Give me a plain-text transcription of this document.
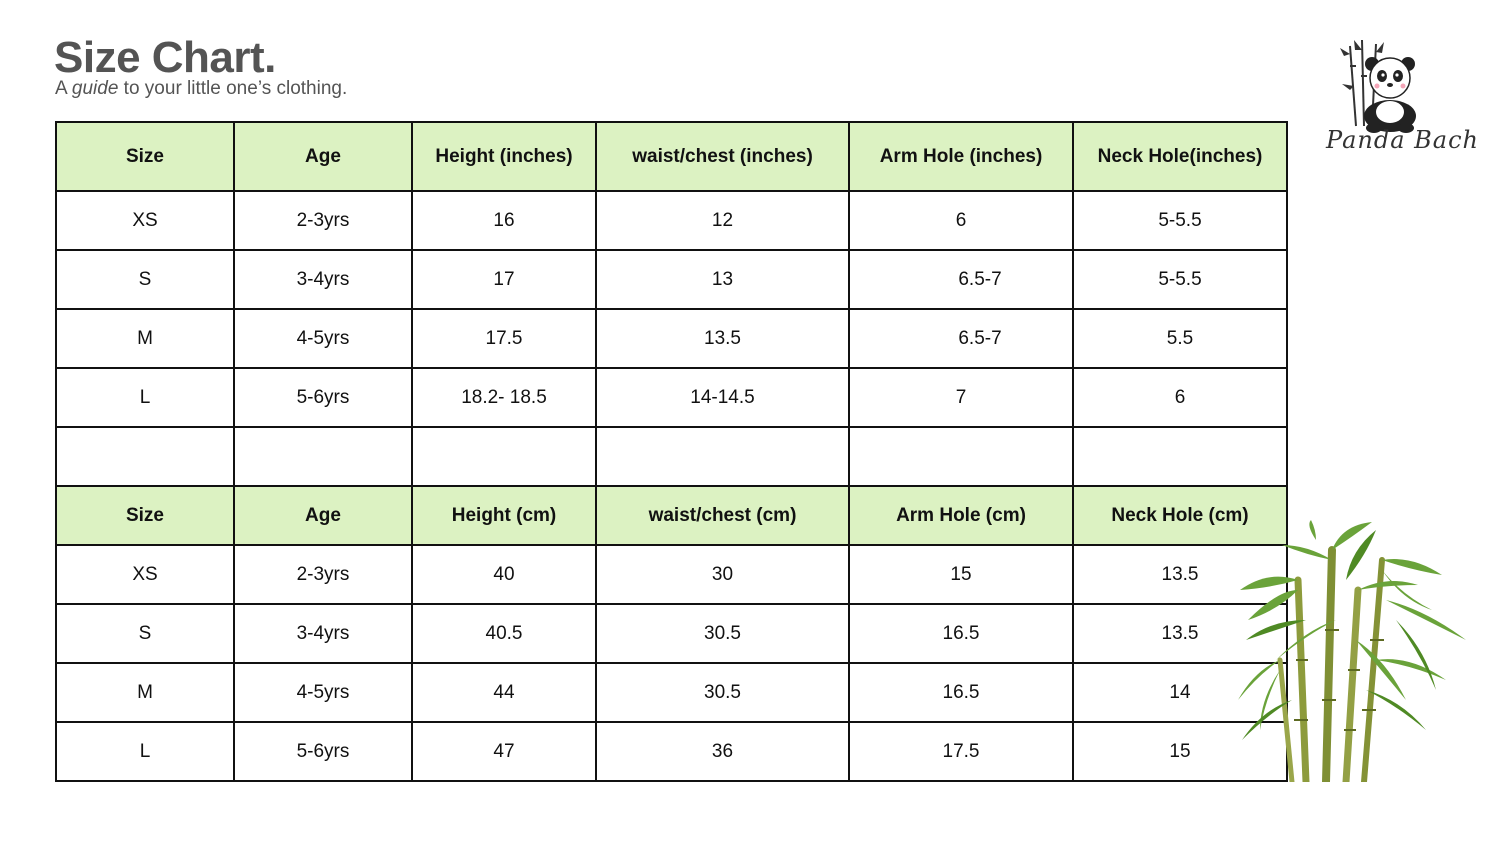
Size Chart.

A guide to your little one’s clothing.

Panda Bach
Size	Age	Height (inches)	waist/chest (inches)	Arm Hole (inches)	Neck Hole(inches)
XS	2-3yrs	16	12	6	5-5.5
S	3-4yrs	17	13	6.5-7	5-5.5
M	4-5yrs	17.5	13.5	6.5-7	5.5
L	5-6yrs	18.2- 18.5	14-14.5	7	6

Size	Age	Height (cm)	waist/chest (cm)	Arm Hole (cm)	Neck Hole (cm)
XS	2-3yrs	40	30	15	13.5
S	3-4yrs	40.5	30.5	16.5	13.5
M	4-5yrs	44	30.5	16.5	14
L	5-6yrs	47	36	17.5	15
